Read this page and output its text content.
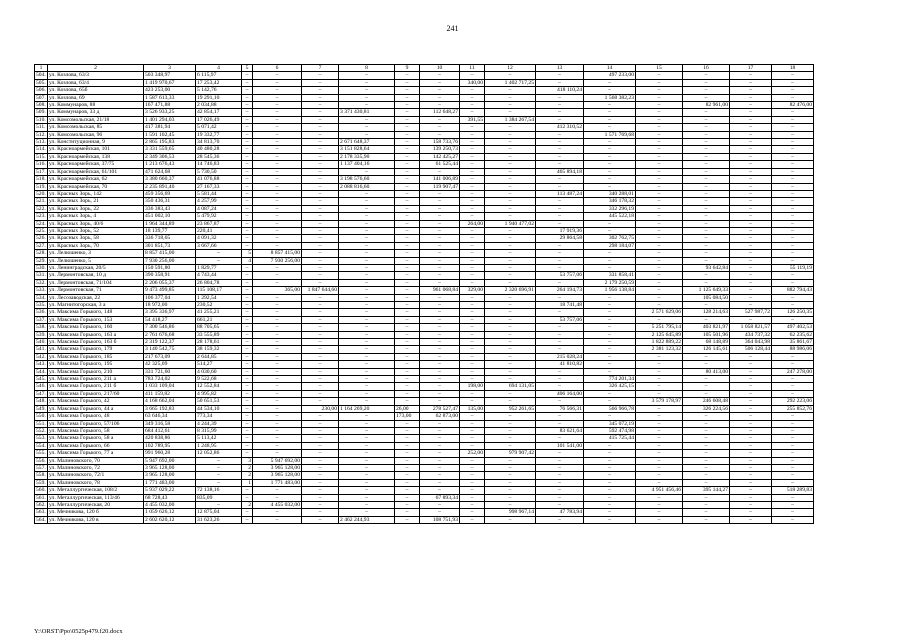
241
1	2	3	4	5	6	7	8	9	10	11	12	13	14	15	16	17	18
504.	ул. Козлова, 63/3	503 348,97	6 115,97	–	–	–	–	–	–	–	–	–	497 233,00	–	–	–	–
505.	ул. Козлова, 63/4	1 419 970,67	17 253,42	–	–	–	–	–	–	340,00	1 402 717,25	–	–	–	–	–	–
506.	ул. Козлова, 65б	423 253,00	5 142,76	–	–	–	–	–	–	–	–	418 110,24	–	–	–	–	–
507.	ул. Козлова, 69	1 587 613,33	19 291,10	–	–	–	–	–	–	–	–	–	1 568 382,23	–	–	–	–
508.	ул. Коммунаров, 88	167 471,88	2 034,88	–	–	–	–	–	–	–	–	–	–	–	82 961,00	–	82 476,00
509.	ул. Коммунаров, 33 д	3 526 933,25	42 854,17	–	–	–	3 371 430,81	–	112 648,27	–	–	–	–	–	–	–	–
510.	ул. Комсомольская, 21/18	1 401 294,03	17 026,49	–	–	–	–	–	–	391,55	1 384 267,54	–	–	–	–	–	–
511.	ул. Комсомольская, 85	417 381,94	5 071,42	–	–	–	–	–	–	–	–	412 310,52	–	–	–	–	–
512.	ул. Комсомольская, 96	1 591 102,45	19 332,77	–	–	–	–	–	–	–	–	–	1 571 769,68	–	–	–	–
513.	ул. Конституционная, 9	2 865 195,83	34 813,70	–	–	–	2 671 648,37	–	158 733,76	–	–	–	–	–	–	–	–
514.	ул. Красноармейская, 101	3 331 559,65	40 480,28	–	–	–	3 151 828,64	–	139 250,73	–	–	–	–	–	–	–	–
515.	ул. Красноармейская, 138	2 349 306,53	28 545,36	–	–	–	2 178 335,90	–	142 425,27	–	–	–	–	–	–	–	–
516.	ул. Красноармейская, 37/75	1 213 676,43	14 746,83	–	–	–	1 137 404,16	–	61 525,44	–	–	–	–	–	–	–	–
517.	ул. Красноармейская, 61/101	471 624,68	5 730,50	–	–	–	–	–	–	–	–	465 894,18	–	–	–	–	–
518.	ул. Красноармейская, 62	3 380 660,37	41 076,88	–	–	–	3 198 576,60	–	141 006,89	–	–	–	–	–	–	–	–
519.	ул. Красноармейская, 70	2 235 891,40	27 167,33	–	–	–	2 088 816,60	–	119 907,47	–	–	–	–	–	–	–	–
520.	ул. Красных Зорь, 142	459 356,69	5 581,44	–	–	–	–	–	–	–	–	113 487,24	340 288,01	–	–	–	–
521.	ул. Красных Зорь, 21	350 436,31	4 257,99	–	–	–	–	–	–	–	–	–	346 178,32	–	–	–	–
522.	ул. Красных Зорь, 22	336 383,43	4 087,24	–	–	–	–	–	–	–	–	–	332 296,19	–	–	–	–
523.	ул. Красных Зорь, 4	451 002,10	5 479,92	–	–	–	–	–	–	–	–	–	445 522,18	–	–	–	–
524.	ул. Красных Зорь, 40/6	1 964 344,89	23 867,87	–	–	–	–	–	–	264,00	1 940 477,02	–	–	–	–	–	–
525.	ул. Красных Зорь, 52	18 139,77	220,41	–	–	–	–	–	–	–	–	17 919,36	–	–	–	–	–
526.	ул. Красных Зорь, 58	336 718,65	4 091,32	–	–	–	–	–	–	–	–	29 864,58	302 762,75	–	–	–	–
527.	ул. Красных Зорь, 70	301 851,73	3 667,66	–	–	–	–	–	–	–	–	–	298 184,07	–	–	–	–
528.	ул. Лелюшенко, 3	8 857 415,00	–	5	8 857 415,00	–	–	–	–	–	–	–	–	–	–	–	–
529.	ул. Лелюшенко, 5	7 930 256,00	–	4	7 930 256,00	–	–	–	–	–	–	–	–	–	–	–	–
530.	ул. Ленинградская, 20/5	150 591,80	1 829,77	–	–	–	–	–	–	–	–	–	–	–	93 642,84	–	55 119,19
531.	ул. Лермонтовская, 10 д	390 358,91	4 743,44	–	–	–	–	–	–	–	–	53 757,06	331 858,41	–	–	–	–
532.	ул. Лермонтовская, 71/104	2 206 055,37	26 804,78	–	–	–	–	–	–	–	–	–	2 179 250,59	–	–	–	–
533.	ул. Лермонтовская, 71	9 473 499,85	115 108,17	–	365,00	1 847 644,60	–	–	961 068,84	329,00	2 320 696,91	264 194,73	1 956 138,84	–	1 125 649,33	–	882 794,43
534.	ул. Лесозаводская, 22	106 377,04	1 292,54	–	–	–	–	–	–	–	–	–	–	–	105 084,50	–	–
535.	ул. Магнитогорская, 3 а	18 972,00	230,52	–	–	–	–	–	–	–	–	18 741,48	–	–	–	–	–
536.	ул. Максима Горького, 148	3 395 336,97	41 255,21	–	–	–	–	–	–	–	–	–	–	2 571 629,06	128 214,63	527 987,72	126 250,35
537.	ул. Максима Горького, 153	54 418,27	661,21	–	–	–	–	–	–	–	–	53 757,06	–	–	–	–	–
538.	ул. Максима Горького, 160	7 300 546,86	88 705,65	–	–	–	–	–	–	–	–	–	–	5 251 795,14	403 821,97	1 058 821,57	497 402,53
539.	ул. Максима Горького, 163 а	2 761 676,68	33 555,89	–	–	–	–	–	–	–	–	–	–	2 125 645,89	105 501,96	434 737,32	62 235,62
540.	ул. Максима Горького, 163 б	2 319 122,37	28 178,61	–	–	–	–	–	–	–	–	–	–	1 822 889,22	68 148,89	364 043,98	35 861,67
541.	ул. Максима Горького, 179	3 140 542,75	38 159,32	–	–	–	–	–	–	–	–	–	–	2 381 123,32	126 145,61	506 128,44	88 986,06
542.	ул. Максима Горького, 185	217 673,09	2 644,85	–	–	–	–	–	–	–	–	215 028,24	–	–	–	–	–
543.	ул. Максима Горького, 195	42 325,09	514,27	–	–	–	–	–	–	–	–	41 810,82	–	–	–	–	–
544.	ул. Максима Горького, 210	331 721,60	4 030,60	–	–	–	–	–	–	–	–	–	–	–	80 413,00	–	247 278,00
545.	ул. Максима Горького, 211 а	783 724,02	9 522,68	–	–	–	–	–	–	–	–	–	774 201,34	–	–	–	–
546.	ул. Максима Горького, 211 б	1 033 109,04	12 552,84	–	–	–	–	–	–	198,00	694 131,05	–	326 425,15	–	–	–	–
547.	ул. Максима Горького, 217/60	411 159,82	4 995,82	–	–	–	–	–	–	–	–	406 164,00	–	–	–	–	–
548.	ул. Максима Горького, 42	4 168 662,04	50 651,53	–	–	–	–	–	–	–	–	–	–	3 579 178,97	246 608,48	–	292 223,06
549.	ул. Максима Горького, 44 а	3 665 192,83	44 534,10	–	–	230,00	1 164 269,20	26,00	278 527,47	135,00	952 261,65	76 566,31	566 966,78	–	326 224,56	–	255 852,76
550.	ул. Максима Горького, 48	63 646,34	773,34	–	–	–	–	173,00	62 873,00	–	–	–	–	–	–	–	–
551.	ул. Максима Горького, 57/106	349 316,58	4 244,39	–	–	–	–	–	–	–	–	–	345 072,19	–	–	–	–
552.	ул. Максима Горького, 58	684 412,61	8 315,99	–	–	–	–	–	–	–	–	83 621,64	592 474,98	–	–	–	–
553.	ул. Максима Горького, 58 а	420 838,86	5 113,42	–	–	–	–	–	–	–	–	–	415 725,44	–	–	–	–
554.	ул. Максима Горького, 66	102 789,95	1 248,95	–	–	–	–	–	–	–	–	101 541,00	–	–	–	–	–
555.	ул. Максима Горького, 77 а	991 960,28	12 052,86	–	–	–	–	–	–	252,00	979 907,42	–	–	–	–	–	–
556.	ул. Малиновского, 70	5 947 692,00	–	3	5 947 692,00	–	–	–	–	–	–	–	–	–	–	–	–
557.	ул. Малиновского, 72	3 965 128,00	–	2	3 965 128,00	–	–	–	–	–	–	–	–	–	–	–	–
558.	ул. Малиновского, 72/1	3 965 128,00	–	2	3 965 128,00	–	–	–	–	–	–	–	–	–	–	–	–
559.	ул. Малиновского, 78	1 771 483,00	–	1	1 771 483,00	–	–	–	–	–	–	–	–	–	–	–	–
560.	ул. Металлургическая, 108/2	5 937 029,22	72 138,16	–	–	–	–	–	–	–	–	–	–	4 951 456,46	395 144,27	–	518 289,83
561.	ул. Металлургическая, 113/46	68 728,43	835,09	–	–	–	–	–	67 893,34	–	–	–	–	–	–	–	–
562.	ул. Металлургическая, 20	4 455 032,00	–	2	4 455 032,00	–	–	–	–	–	–	–	–	–	–	–	–
563.	ул. Мечникова, 120 б	1 059 626,12	12 875,04	–	–	–	–	–	–	–	998 967,14	47 783,94	–	–	–	–	–
564.	ул. Мечникова, 120 в	2 602 620,12	31 623,26	–	–	–	2 462 244,93	–	108 751,93	–	–	–	–	–	–	–	–
Y:\ORST\Ppo\0525p479.f20.docx
